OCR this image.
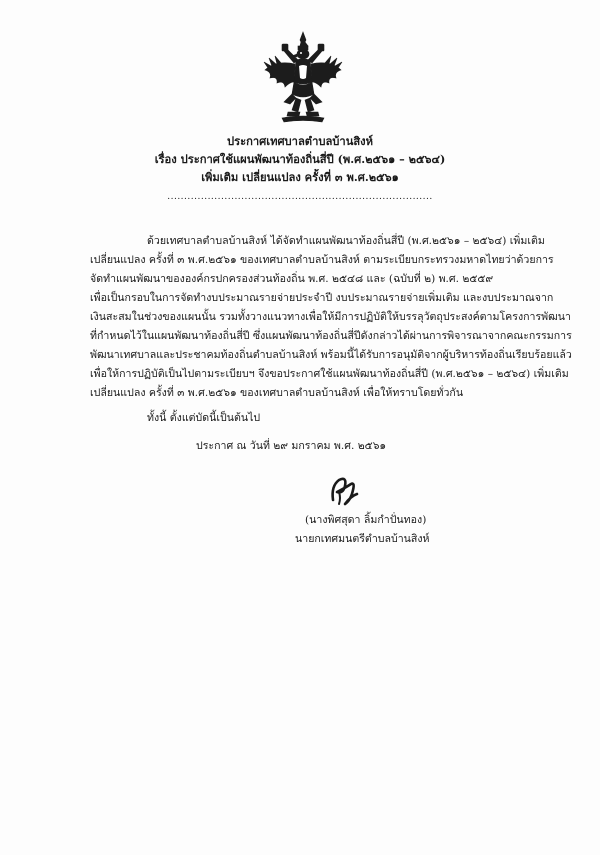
ประกาศเทศบาลตำบลบ้านสิงห์
เรื่อง ประกาศใช้แผนพัฒนาท้องถิ่นสี่ปี (พ.ศ.๒๕๖๑ – ๒๕๖๔)
เพิ่มเติม เปลี่ยนแปลง ครั้งที่ ๓ พ.ศ.๒๕๖๑
...............................................................................
ด้วยเทศบาลตำบลบ้านสิงห์ ได้จัดทำแผนพัฒนาท้องถิ่นสี่ปี (พ.ศ.๒๕๖๑ – ๒๕๖๔) เพิ่มเติม
เปลี่ยนแปลง ครั้งที่ ๓ พ.ศ.๒๕๖๑ ของเทศบาลตำบลบ้านสิงห์ ตามระเบียบกระทรวงมหาดไทยว่าด้วยการ
จัดทำแผนพัฒนาขององค์กรปกครองส่วนท้องถิ่น พ.ศ. ๒๕๔๘ และ (ฉบับที่ ๒) พ.ศ. ๒๕๕๙
เพื่อเป็นกรอบในการจัดทำงบประมาณรายจ่ายประจำปี งบประมาณรายจ่ายเพิ่มเติม และงบประมาณจาก
เงินสะสมในช่วงของแผนนั้น รวมทั้งวางแนวทางเพื่อให้มีการปฏิบัติให้บรรลุวัตถุประสงค์ตามโครงการพัฒนา
ที่กำหนดไว้ในแผนพัฒนาท้องถิ่นสี่ปี ซึ่งแผนพัฒนาท้องถิ่นสี่ปีดังกล่าวได้ผ่านการพิจารณาจากคณะกรรมการ
พัฒนาเทศบาลและประชาคมท้องถิ่นตำบลบ้านสิงห์ พร้อมนี้ได้รับการอนุมัติจากผู้บริหารท้องถิ่นเรียบร้อยแล้ว
เพื่อให้การปฏิบัติเป็นไปตามระเบียบฯ จึงขอประกาศใช้แผนพัฒนาท้องถิ่นสี่ปี (พ.ศ.๒๕๖๑ – ๒๕๖๔) เพิ่มเติม
เปลี่ยนแปลง ครั้งที่ ๓ พ.ศ.๒๕๖๑ ของเทศบาลตำบลบ้านสิงห์ เพื่อให้ทราบโดยทั่วกัน
ทั้งนี้ ตั้งแต่บัดนี้เป็นต้นไป
ประกาศ ณ วันที่ ๒๙ มกราคม พ.ศ. ๒๕๖๑
(นางพิศสุดา ลิ้มกำปั่นทอง)
นายกเทศมนตรีตำบลบ้านสิงห์
